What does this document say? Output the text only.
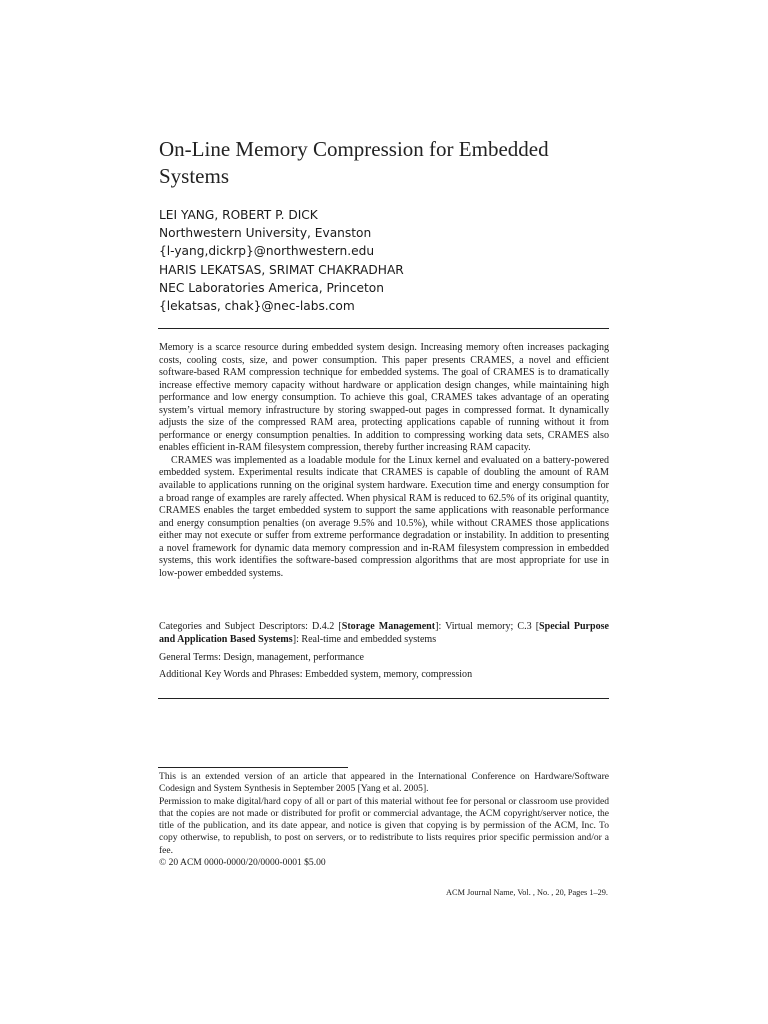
On-Line Memory Compression for Embedded Systems
LEI YANG, ROBERT P. DICK
Northwestern University, Evanston
{l-yang,dickrp}@northwestern.edu
HARIS LEKATSAS, SRIMAT CHAKRADHAR
NEC Laboratories America, Princeton
{lekatsas, chak}@nec-labs.com

Memory is a scarce resource during embedded system design. Increasing memory often increases packaging costs, cooling costs, size, and power consumption. This paper presents CRAMES, a novel and efficient software-based RAM compression technique for embedded systems. The goal of CRAMES is to dramatically increase effective memory capacity without hardware or application design changes, while maintaining high performance and low energy consumption. To achieve this goal, CRAMES takes advantage of an operating system’s virtual memory infrastructure by storing swapped-out pages in compressed format. It dynamically adjusts the size of the compressed RAM area, protecting applications capable of running without it from performance or energy consumption penalties. In addition to compressing working data sets, CRAMES also enables efficient in-RAM filesystem compression, thereby further increasing RAM capacity.

CRAMES was implemented as a loadable module for the Linux kernel and evaluated on a battery-powered embedded system. Experimental results indicate that CRAMES is capable of doubling the amount of RAM available to applications running on the original system hardware. Execution time and energy consumption for a broad range of examples are rarely affected. When physical RAM is reduced to 62.5% of its original quantity, CRAMES enables the target embedded system to support the same applications with reasonable performance and energy consumption penalties (on average 9.5% and 10.5%), while without CRAMES those applications either may not execute or suffer from extreme performance degradation or instability. In addition to presenting a novel framework for dynamic data memory compression and in-RAM filesystem compression in embedded systems, this work identifies the software-based compression algorithms that are most appropriate for use in low-power embedded systems.

Categories and Subject Descriptors: D.4.2 [Storage Management]: Virtual memory; C.3 [Special Purpose and Application Based Systems]: Real-time and embedded systems
General Terms: Design, management, performance
Additional Key Words and Phrases: Embedded system, memory, compression

This is an extended version of an article that appeared in the International Conference on Hardware/Software Codesign and System Synthesis in September 2005 [Yang et al. 2005].

Permission to make digital/hard copy of all or part of this material without fee for personal or classroom use provided that the copies are not made or distributed for profit or commercial advantage, the ACM copyright/server notice, the title of the publication, and its date appear, and notice is given that copying is by permission of the ACM, Inc. To copy otherwise, to republish, to post on servers, or to redistribute to lists requires prior specific permission and/or a fee.

© 20 ACM 0000-0000/20/0000-0001 $5.00

ACM Journal Name, Vol. , No. , 20, Pages 1–29.
